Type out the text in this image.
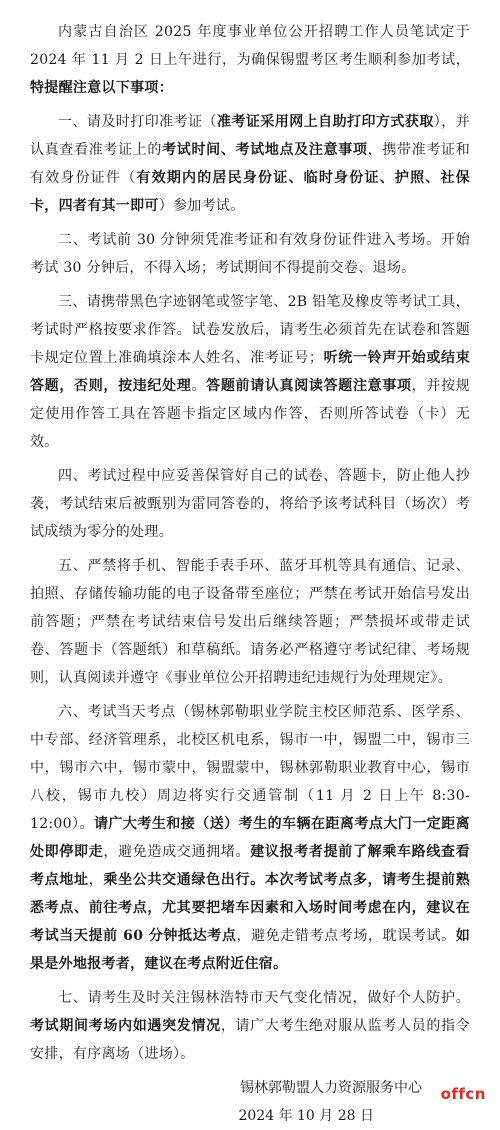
内蒙古自治区 2025 年度事业单位公开招聘工作人员笔试定于 2024 年 11 月 2 日上午进行，为确保锡盟考区考生顺利参加考试，特提醒注意以下事项：

一、请及时打印准考证（准考证采用网上自助打印方式获取），并认真查看准考证上的考试时间、考试地点及注意事项，携带准考证和有效身份证件（有效期内的居民身份证、临时身份证、护照、社保卡，四者有其一即可）参加考试。

二、考试前 30 分钟须凭准考证和有效身份证件进入考场。开始考试 30 分钟后，不得入场；考试期间不得提前交卷、退场。

三、请携带黑色字迹钢笔或签字笔、2B 铅笔及橡皮等考试工具，考试时严格按要求作答。试卷发放后，请考生必须首先在试卷和答题卡规定位置上准确填涂本人姓名、准考证号；听统一铃声开始或结束答题，否则，按违纪处理。答题前请认真阅读答题注意事项，并按规定使用作答工具在答题卡指定区域内作答，否则所答试卷（卡）无效。

四、考试过程中应妥善保管好自己的试卷、答题卡，防止他人抄袭，考试结束后被甄别为雷同答卷的，将给予该考试科目（场次）考试成绩为零分的处理。

五、严禁将手机、智能手表手环、蓝牙耳机等具有通信、记录、拍照、存储传输功能的电子设备带至座位；严禁在考试开始信号发出前答题；严禁在考试结束信号发出后继续答题；严禁损坏或带走试卷、答题卡（答题纸）和草稿纸。请务必严格遵守考试纪律、考场规则，认真阅读并遵守《事业单位公开招聘违纪违规行为处理规定》。

六、考试当天考点（锡林郭勒职业学院主校区师范系、医学系、中专部、经济管理系，北校区机电系，锡市一中，锡盟二中，锡市三中，锡市六中，锡市蒙中，锡盟蒙中，锡林郭勒职业教育中心，锡市八校，锡市九校）周边将实行交通管制（11 月 2 日上午 8:30-12:00）。请广大考生和接（送）考生的车辆在距离考点大门一定距离处即停即走，避免造成交通拥堵。建议报考者提前了解乘车路线查看考点地址，乘坐公共交通绿色出行。本次考试考点多，请考生提前熟悉考点、前往考点，尤其要把堵车因素和入场时间考虑在内，建议在考试当天提前 60 分钟抵达考点，避免走错考点考场，耽误考试。如果是外地报考者，建议在考点附近住宿。

七、请考生及时关注锡林浩特市天气变化情况，做好个人防护。考试期间考场内如遇突发情况，请广大考生绝对服从监考人员的指令安排，有序离场（进场）。

锡林郭勒盟人力资源服务中心
2024 年 10 月 28 日
offcn
